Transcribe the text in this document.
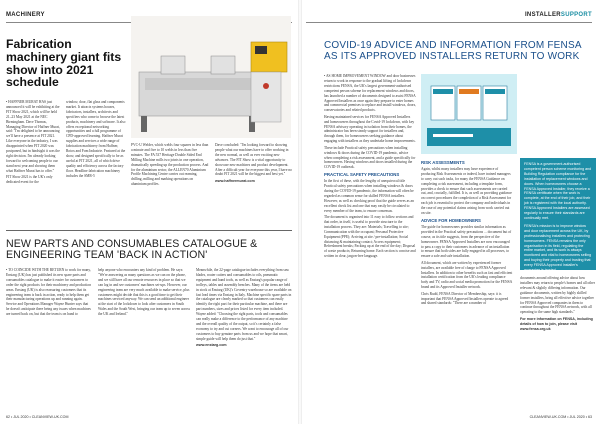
MACHINERY
Fabrication machinery giant fits show into 2021 schedule

• HAFFNER MURAT HAS just announced it will be exhibiting at the FIT Show 2021, which will be held 21–23 May 2021 at the NEC Birmingham. Dave Thomas, Managing Director of Haffner Murat, said: "I'm delighted to be announcing we'll have a presence at FIT 2021. Like everyone in the industry, I was disappointed when FIT 2020 was postponed, but in hindsight it was the right decision. I'm already looking forward to welcoming people to our stand next year and showing them what Haffner Murat has to offer."

FIT Show 2021 is the UK's only dedicated event for the

window, door, flat glass and components market. It attracts systems houses, fabricators, installers, architects and specifiers who come to browse the latest products, machinery and software. It also offers exceptional networking opportunities and a full programme of CPD-approved learning. Haffner Murat supplies and services a wide range of fabrication machinery from Haffner, Rotox and Fom Industrie. Featured at the show, and designed specifically to be as useful at FIT 2021, all of which drive quality and efficiency across the factory floor. Headline fabrication machinery includes the SMR-5

PVC-U Welder, which welds four squares in less than a minute and five to 10 welds in less than five minutes. The FA 537 Heritage Double Sided End Milling Machine mills two joints in one operation, dramatically speeding up the production process. And for the aluminium sector, the ALLEN70 Aluminium Profile Machining Centre carries out reaming, drilling, milling and marking operations on aluminium profiles.

Dave concluded: "I'm looking forward to showing people what our machines have to offer working in the new normal, as well as ever exciting new advances. The FIT Show is a vital opportunity to showcase new machines and product development. After a difficult year for everyone this year, I have no doubt FIT 2021 will be the biggest and best yet."

www.haffnermurat.com

NEW PARTS AND CONSUMABLES CATALOGUE & ENGINEERING TEAM 'BACK IN ACTION'

• TO COINCIDE WITH THE RETURN to work for many, Enstarg (UK) has just published its new spare parts and consumables catalogue to make it easier for customers to order the right products for their machinery and production areas. Enstarg (UK) is also reassuring customers that its engineering team is back in action, ready to help them get their manufacturing operations up and running again. Service and Operations Manager Wayne Hunter says that he doesn't anticipate there being any issues when machines are turned back on, but that the team is on hand to

help anyone who encounters any kind of problem. He says: "We're answering as many questions as we can on the phone, and we still have all our remote resources in place so that we can log in and see customers' machines set-ups. However, our engineering team are very much available to make service, plus customers might decide that this is a good time to get their machines serviced anyway. We can send an additional engineer at the start of the lockdown to look after customers in South Wales and the South West, bringing our team up to seven across the UK and Ireland."

Meanwhile, the 22-page catalogue includes everything from saw blades, router cutters and consumables to oils, pneumatic equipment and hand tools, as well as Enstarg's popular range of trolleys, tables and assembly benches. Many of the items are held in stock at Enstarg (UK)'s Coventry warehouse so are available on fast lead times via Enstarg in Italy. Machine specific spare parts in the catalogue are clearly marked so that customers can easily identify the right part for their particular machine, and there are part numbers, sizes and prices listed for every item included. Wayne added: "Choosing the right parts, tools and consumables can really make a difference to the performance of any machine and the overall quality of the output, so it's certainly a false economy to try and cut corners. We want to encourage all of our customers to buy genuine parts from us and we hope that smart, simple guide will help them do just that."

www.enstarg.com

62 • JUL 2020 • CLEANVIEW-UK.COM
INSTALLERSUPPORT
COVID-19 ADVICE AND INFORMATION FROM FENSA AS ITS APPROVED INSTALLERS RETURN TO WORK

• AS HOME IMPROVEMENT WINDOW and door businesses return to work in response to the gradual lifting of lockdown restrictions FENSA, the UK's largest government-authorised competent person scheme for replacement windows and doors, has launched a number of documents designed to assist FENSA Approved Installers as once again they prepare to enter homes and commercial premises to replace and install windows, doors, conservatories and related products.

Having maintained services for FENSA Approved Installers and homeowners throughout the Covid-19 lockdown, with key FENSA advisory operating in isolation from their homes, the administrator has been steady support for installers and, through them, for homeowners seeking guidance about engaging with installers as they undertake home improvements.

These include Practical safety precautions when installing windows & doors during the COVID-19 pandemic, advice when completing a risk assessment, and a guide specifically for homeowners. Having windows and doors installed during the COVID-19 outbreak.

PRACTICAL SAFETY PRECAUTIONS

In the first of these, with the lengthy of unequivocal title Practical safety precautions when installing windows & doors during the COVID-19 pandemic, the information will often be regarded as common sense for skilled FENSA installers. However, as well as checking proof that the guide serves as an excellent check list and one that may easily be circulated to every member of the team, to ensure consensus.

The document is organised into 11 easy to follow sections and that order, in itself, is useful to provide structure to the installation process. They are: Materials; Travelling to site; Communication with the occupant; Personal Protective Equipment (PPE); Arriving at site / pre-installation; Social distancing & maintaining contact; Access equipment; Refreshment breaks; Packing up at the end of the day; Disposal of waste products; Returning home. Each section is concise and written in clear, jargon-free language.

RISK ASSESSMENTS

Again, whilst many installers may have experience of producing Risk Assessments or indeed, have trained managers to carry out such tasks, for many the FENSA Guidance on completing a risk assessment, including a template form, provides a check to ensure that such assessments are carried out, and, crucially, fulfilled. It is, as well as providing guidance on correct procedures the completion of a Risk Assessment for each job is essential to protect the company and individuals in the case of any potential claims arising from work carried out on site.

ADVICE FOR HOMEOWNERS

The guide for homeowners provides similar information as provided in the Practical safety precautions ... document but of course, as its title suggests, from the perspective of the homeowner. FENSA Approved Installers are now encouraged to pass a copy to their customers in advance of an installation to ensure that both sides are fully engaged in all processes, to ensure a safe and safe installation.

All document, which are written by experienced former installers, are available free of charge to FENSA Approved Installers. In addition to other benefits such as fast and efficient installation certification from the UK's leading compliance body and TV, radio and social media promotion for the FENSA brand and its Approved Installer network.

Chris Rudd, FENSA Director of Membership, says: it is important that FENSA Approved Installers operate to agreed and shared standards: "There are a number of

FENSA is a government-authorised competent person scheme monitoring and Building Regulation compliance for the installation of replacement windows and doors. When homeowners choose a FENSA Approved Installer, they receive a FENSA certificate when the work is complete, at the end of their job, and their job is registered with the local authority. FENSA Approved Installers are assessed regularly to ensure their standards are continually met.

FENSA's mission is to improve window and door replacement across the UK, by professionalising installers and protecting homeowners. FENSA remains the only organisation in its field, regulating the entire market, and its work is always monitored and vital to homeowners selling and buying their property and trusting that every FENSA Approved Installer's guarantee is trusted.

documents around offering advice about how installers may return to people's homes and all other relevant & slightly differing information. Our guidance documents, written by highly skilled former installers, bring all effective advice together for FENSA Approved companies in them to continue throughout the FENSA network, with all operating to the same high standards."

For more information on FENSA, including details of how to join, please visit www.fensa.org.uk

CLEANVIEW-UK.COM • JUL 2020 • 63
